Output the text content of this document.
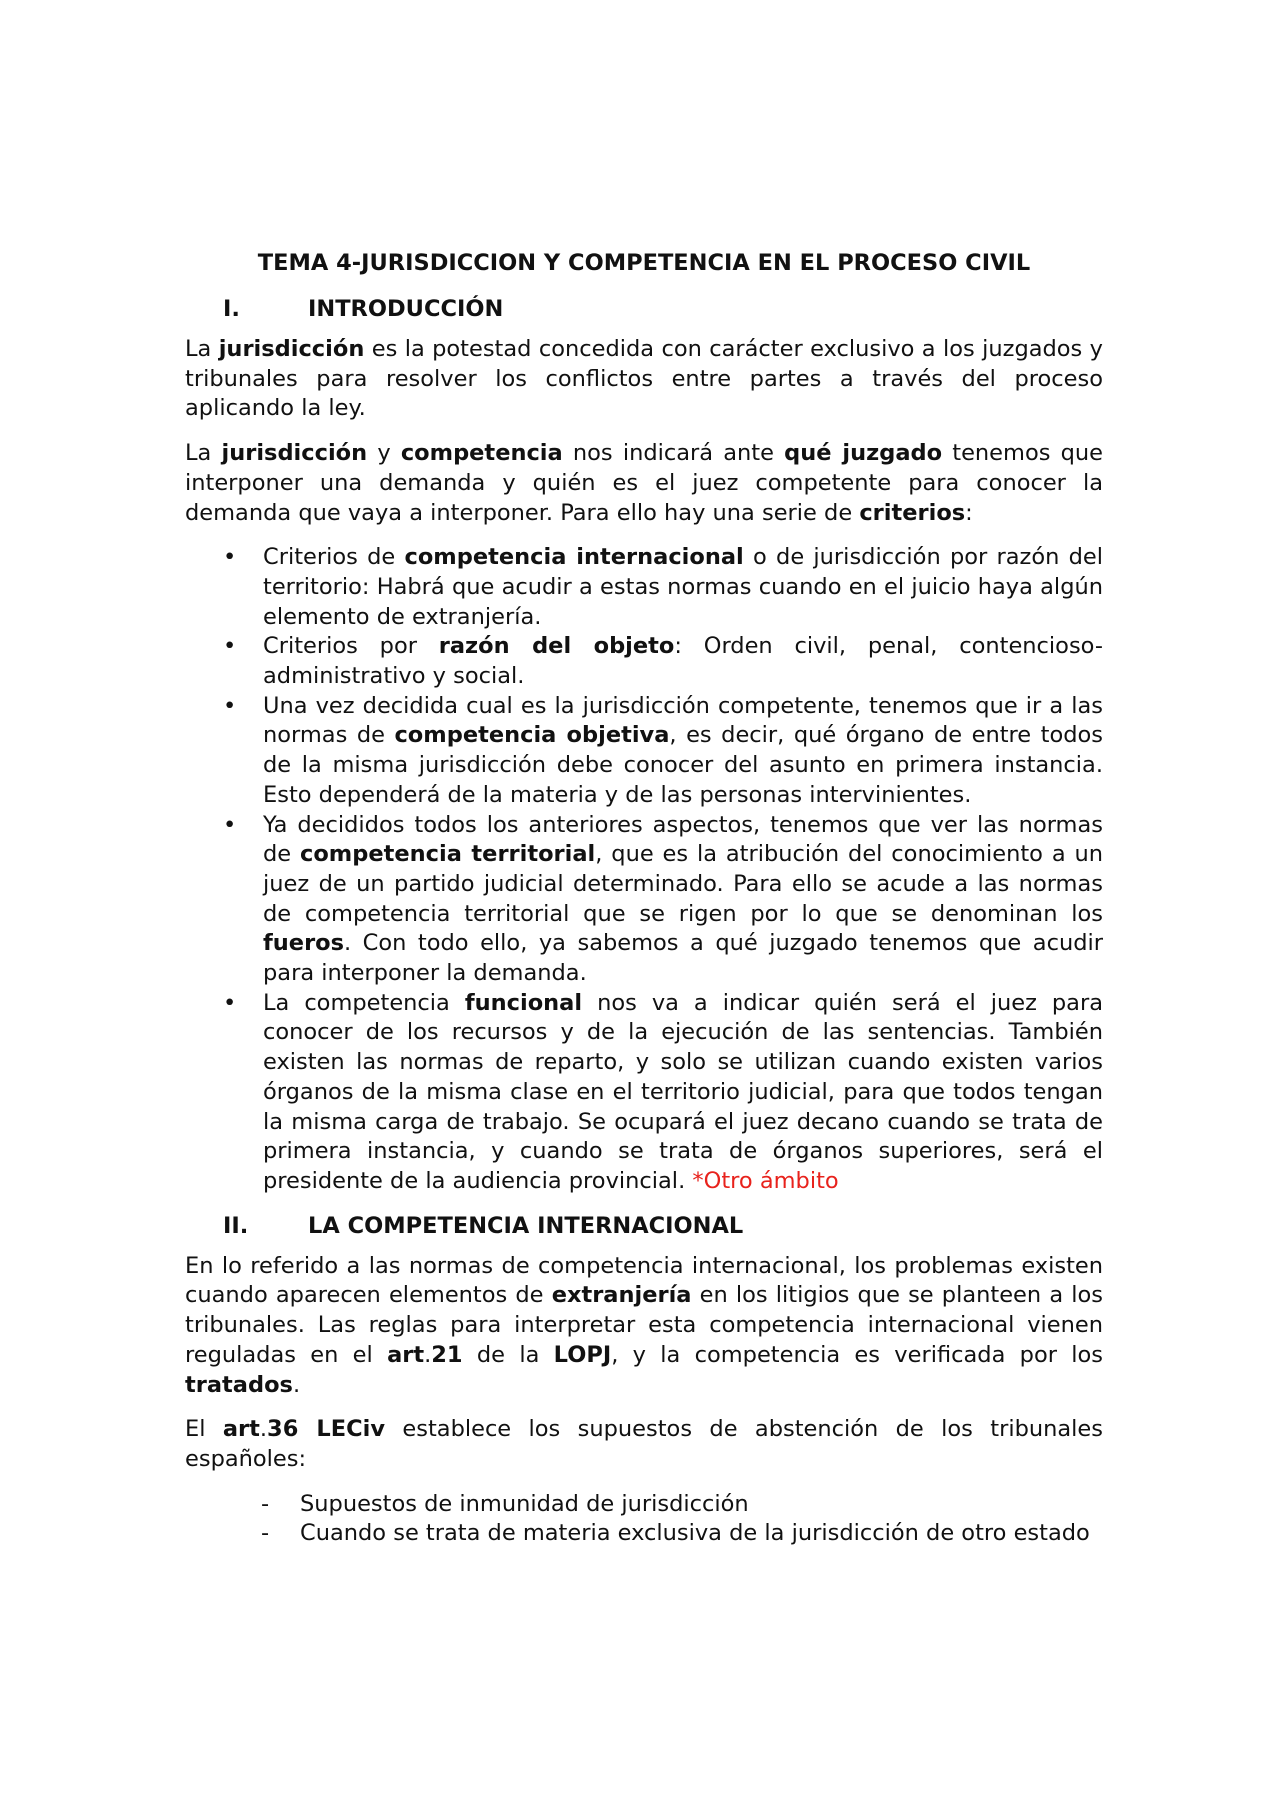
TEMA 4-JURISDICCION Y COMPETENCIA EN EL PROCESO CIVIL
I.	INTRODUCCIÓN

La jurisdicción es la potestad concedida con carácter exclusivo a los juzgados y tribunales para resolver los conflictos entre partes a través del proceso aplicando la ley.

La jurisdicción y competencia nos indicará ante qué juzgado tenemos que interponer una demanda y quién es el juez competente para conocer la demanda que vaya a interponer. Para ello hay una serie de criterios:

• Criterios de competencia internacional o de jurisdicción por razón del territorio: Habrá que acudir a estas normas cuando en el juicio haya algún elemento de extranjería.
• Criterios por razón del objeto: Orden civil, penal, contencioso-administrativo y social.
• Una vez decidida cual es la jurisdicción competente, tenemos que ir a las normas de competencia objetiva, es decir, qué órgano de entre todos de la misma jurisdicción debe conocer del asunto en primera instancia. Esto dependerá de la materia y de las personas intervinientes.
• Ya decididos todos los anteriores aspectos, tenemos que ver las normas de competencia territorial, que es la atribución del conocimiento a un juez de un partido judicial determinado. Para ello se acude a las normas de competencia territorial que se rigen por lo que se denominan los fueros. Con todo ello, ya sabemos a qué juzgado tenemos que acudir para interponer la demanda.
• La competencia funcional nos va a indicar quién será el juez para conocer de los recursos y de la ejecución de las sentencias. También existen las normas de reparto, y solo se utilizan cuando existen varios órganos de la misma clase en el territorio judicial, para que todos tengan la misma carga de trabajo. Se ocupará el juez decano cuando se trata de primera instancia, y cuando se trata de órganos superiores, será el presidente de la audiencia provincial. *Otro ámbito
II.	LA COMPETENCIA INTERNACIONAL

En lo referido a las normas de competencia internacional, los problemas existen cuando aparecen elementos de extranjería en los litigios que se planteen a los tribunales. Las reglas para interpretar esta competencia internacional vienen reguladas en el art.21 de la LOPJ, y la competencia es verificada por los tratados.

El art.36 LECiv establece los supuestos de abstención de los tribunales españoles:

- Supuestos de inmunidad de jurisdicción
- Cuando se trata de materia exclusiva de la jurisdicción de otro estado
